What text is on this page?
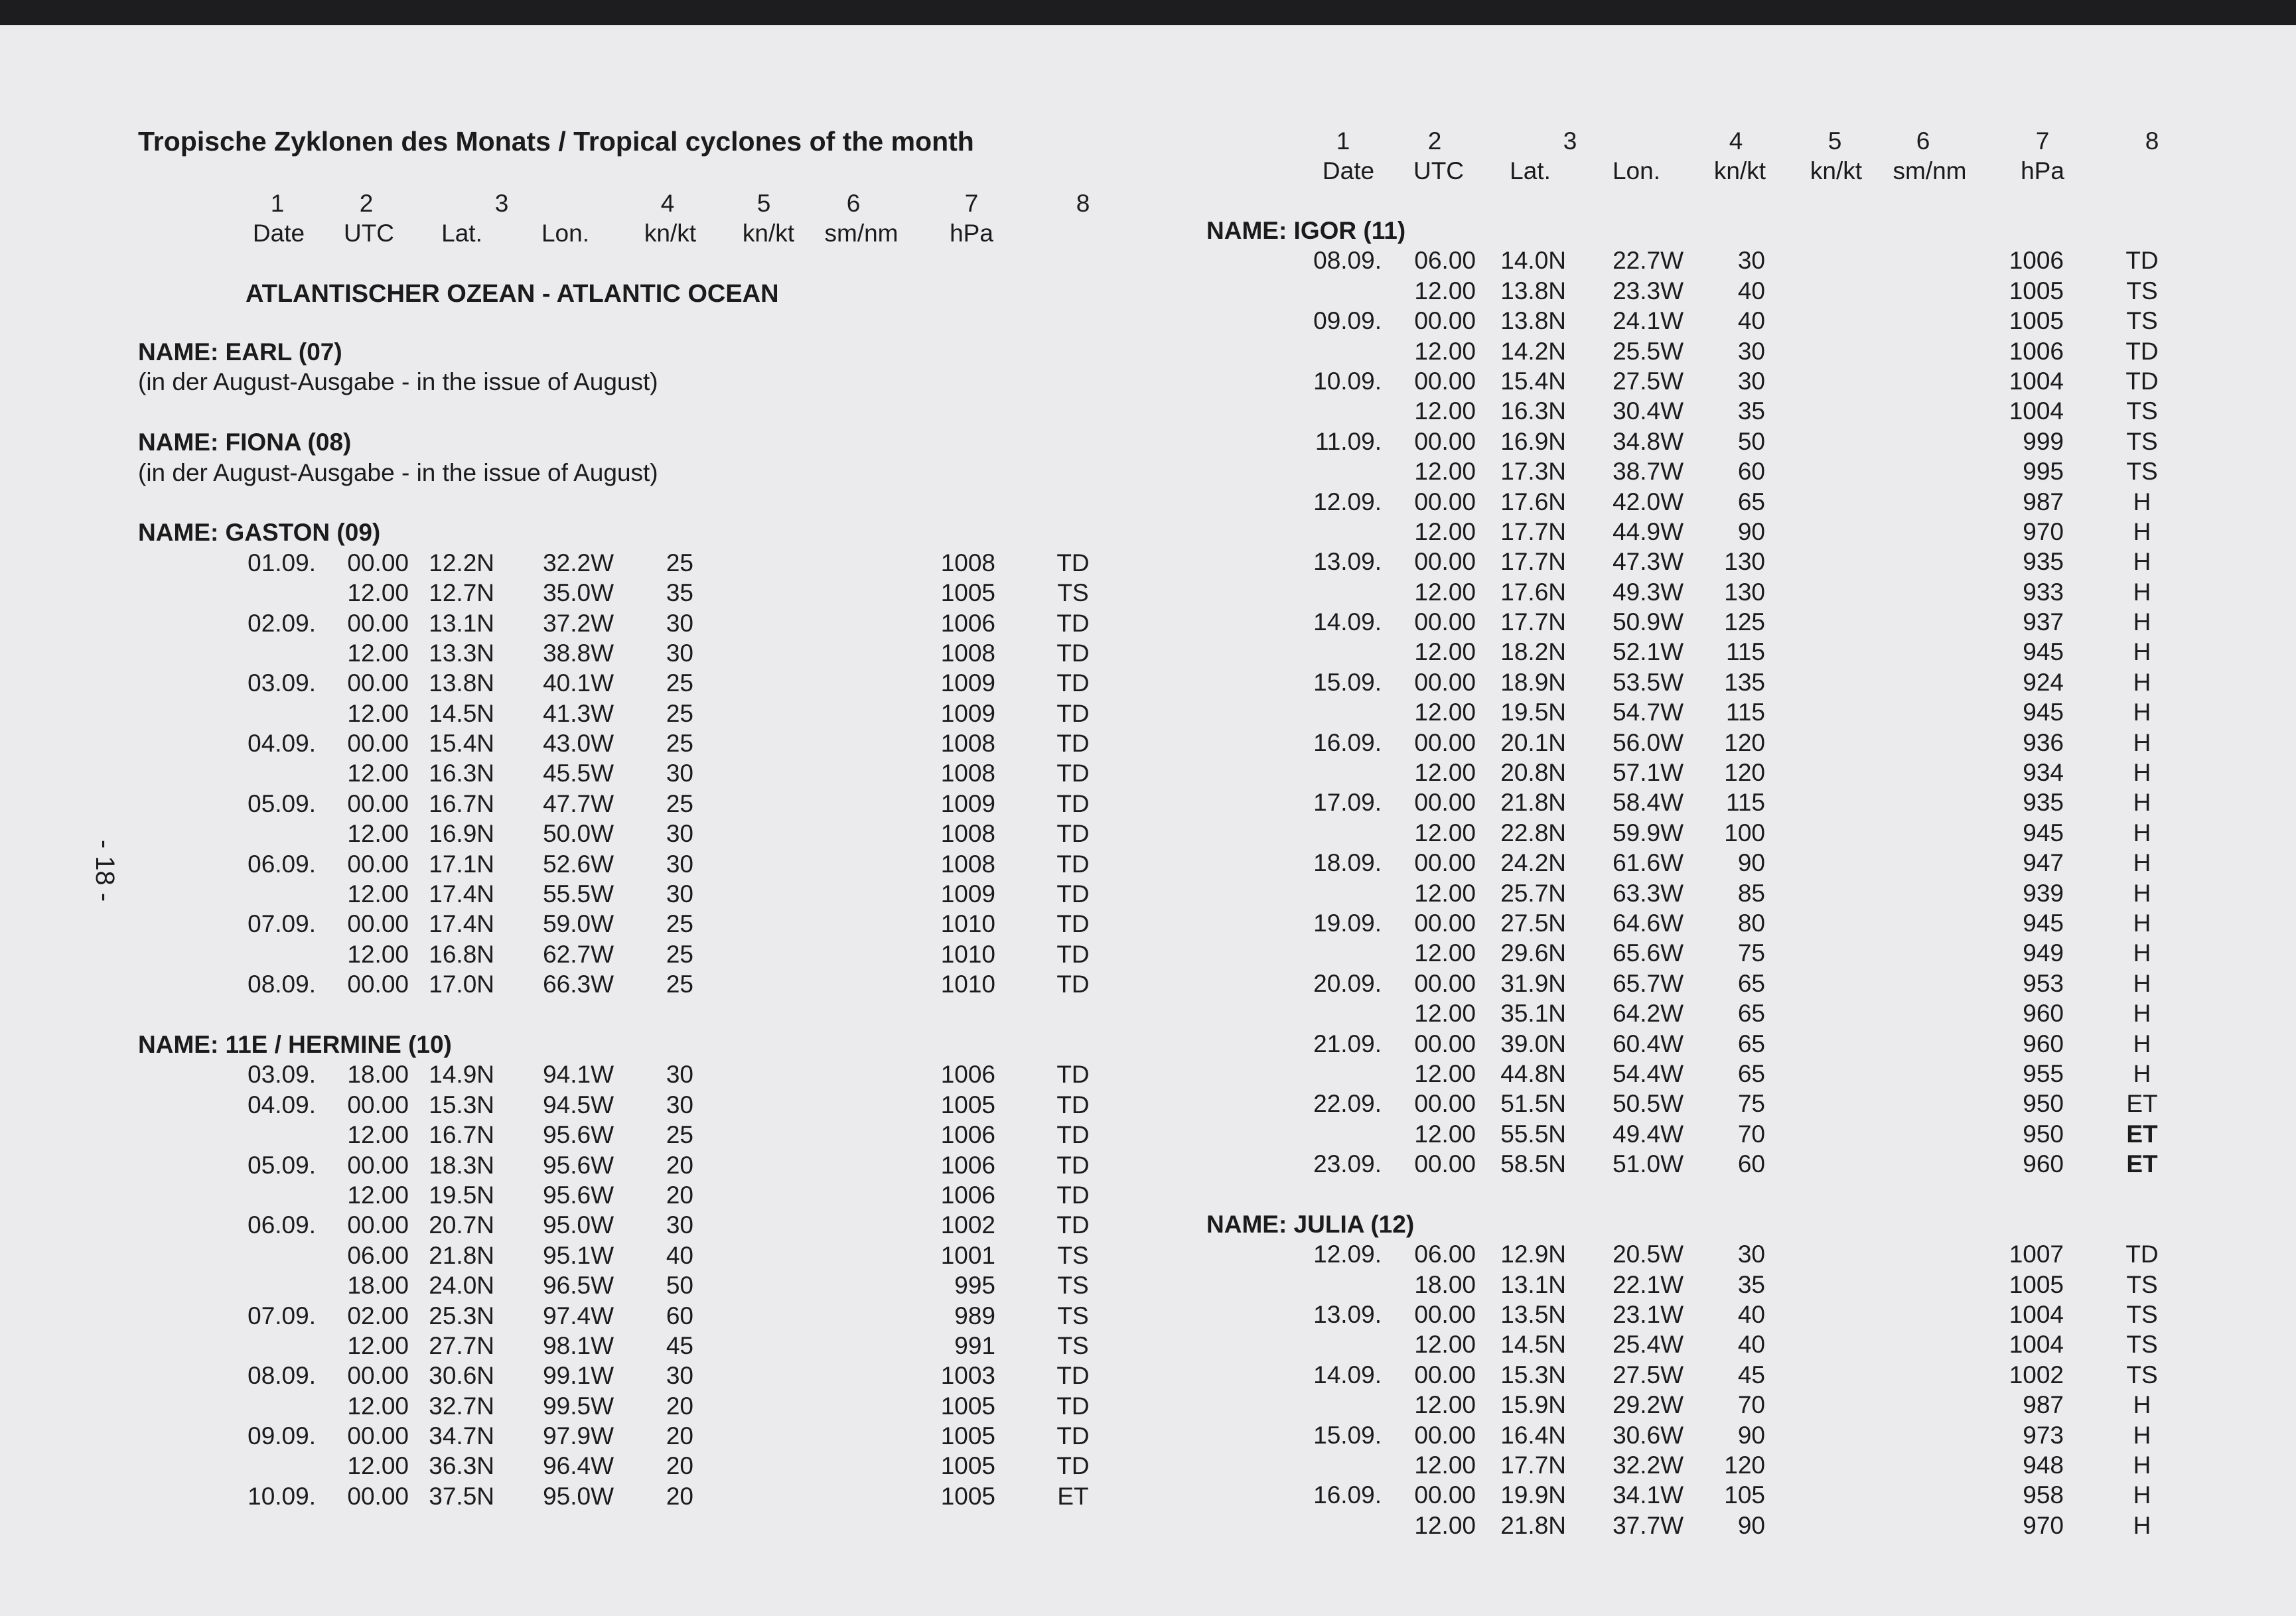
Tropische Zyklonen des Monats / Tropical cyclones of the month
- 18 -
1	2	3	4	5	6	7	8
Date	UTC	Lat.	Lon.	kn/kt	kn/kt	sm/nm	hPa
ATLANTISCHER OZEAN - ATLANTIC OCEAN
1	2	3	4	5	6	7	8
Date	UTC	Lat.	Lon.	kn/kt	kn/kt	sm/nm	hPa
NAME: EARL (07)
(in der August-Ausgabe - in the issue of August)
NAME: FIONA (08)
(in der August-Ausgabe - in the issue of August)
NAME: GASTON (09)
01.09.	00.00 12.2N	32.2W	25	1008	TD
12.00 12.7N	35.0W	35	1005	TS
02.09.	00.00 13.1N	37.2W	30	1006	TD
12.00 13.3N	38.8W	30	1008	TD
03.09.	00.00 13.8N	40.1W	25	1009	TD
12.00 14.5N	41.3W	25	1009	TD
04.09.	00.00 15.4N	43.0W	25	1008	TD
12.00 16.3N	45.5W	30	1008	TD
05.09.	00.00 16.7N	47.7W	25	1009	TD
12.00 16.9N	50.0W	30	1008	TD
06.09.	00.00 17.1N	52.6W	30	1008	TD
12.00 17.4N	55.5W	30	1009	TD
07.09.	00.00 17.4N	59.0W	25	1010	TD
12.00 16.8N	62.7W	25	1010	TD
08.09.	00.00 17.0N	66.3W	25	1010	TD
NAME: 11E / HERMINE (10)
03.09.	18.00 14.9N	94.1W	30	1006	TD
04.09.	00.00 15.3N	94.5W	30	1005	TD
12.00 16.7N	95.6W	25	1006	TD
05.09.	00.00 18.3N	95.6W	20	1006	TD
12.00 19.5N	95.6W	20	1006	TD
06.09.	00.00 20.7N	95.0W	30	1002	TD
06.00 21.8N	95.1W	40	1001	TS
18.00 24.0N	96.5W	50	995	TS
07.09.	02.00 25.3N	97.4W	60	989	TS
12.00 27.7N	98.1W	45	991	TS
08.09.	00.00 30.6N	99.1W	30	1003	TD
12.00 32.7N	99.5W	20	1005	TD
09.09.	00.00 34.7N	97.9W	20	1005	TD
12.00 36.3N	96.4W	20	1005	TD
10.09.	00.00 37.5N	95.0W	20	1005	ET
NAME: IGOR (11)
08.09.	06.00	14.0N	22.7W	30	1006	TD
12.00	13.8N	23.3W	40	1005	TS
09.09.	00.00	13.8N	24.1W	40	1005	TS
12.00	14.2N	25.5W	30	1006	TD
10.09.	00.00	15.4N	27.5W	30	1004	TD
12.00	16.3N	30.4W	35	1004	TS
11.09.	00.00	16.9N	34.8W	50	999	TS
12.00	17.3N	38.7W	60	995	TS
12.09.	00.00	17.6N	42.0W	65	987	H
12.00	17.7N	44.9W	90	970	H
13.09.	00.00	17.7N	47.3W	130	935	H
12.00	17.6N	49.3W	130	933	H
14.09.	00.00	17.7N	50.9W	125	937	H
12.00	18.2N	52.1W	115	945	H
15.09.	00.00	18.9N	53.5W	135	924	H
12.00	19.5N	54.7W	115	945	H
16.09.	00.00	20.1N	56.0W	120	936	H
12.00	20.8N	57.1W	120	934	H
17.09.	00.00	21.8N	58.4W	115	935	H
12.00	22.8N	59.9W	100	945	H
18.09.	00.00	24.2N	61.6W	90	947	H
12.00	25.7N	63.3W	85	939	H
19.09.	00.00	27.5N	64.6W	80	945	H
12.00	29.6N	65.6W	75	949	H
20.09.	00.00	31.9N	65.7W	65	953	H
12.00	35.1N	64.2W	65	960	H
21.09.	00.00	39.0N	60.4W	65	960	H
12.00	44.8N	54.4W	65	955	H
22.09.	00.00	51.5N	50.5W	75	950	ET
12.00	55.5N	49.4W	70	950	ET
23.09.	00.00	58.5N	51.0W	60	960	ET
NAME: JULIA (12)
12.09.	06.00	12.9N	20.5W	30	1007	TD
18.00	13.1N	22.1W	35	1005	TS
13.09.	00.00	13.5N	23.1W	40	1004	TS
12.00	14.5N	25.4W	40	1004	TS
14.09.	00.00	15.3N	27.5W	45	1002	TS
12.00	15.9N	29.2W	70	987	H
15.09.	00.00	16.4N	30.6W	90	973	H
12.00	17.7N	32.2W	120	948	H
16.09.	00.00	19.9N	34.1W	105	958	H
12.00	21.8N	37.7W	90	970	H
